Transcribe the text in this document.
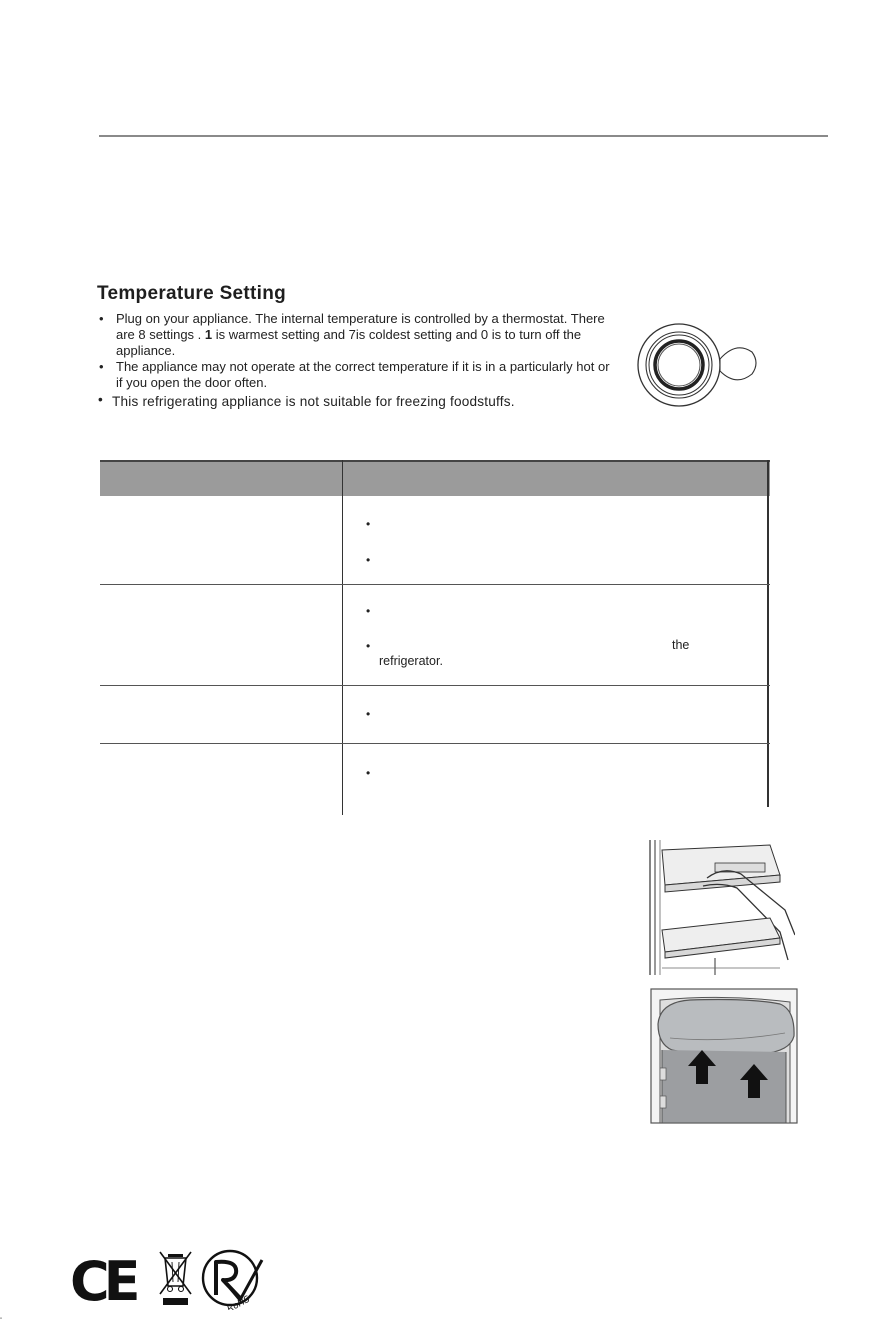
Temperature Setting
• Plug on your appliance. The internal temperature is controlled by a thermostat. There are 8 settings . 1 is warmest setting and 7is coldest setting and 0 is to turn off the appliance.
• The appliance may not operate at the correct temperature if it is in a particularly hot or if you open the door often.
• This refrigerating appliance is not suitable for freezing foodstuffs.
•
•
•
•	the
refrigerator.
•
•
CE	RoHS
"
